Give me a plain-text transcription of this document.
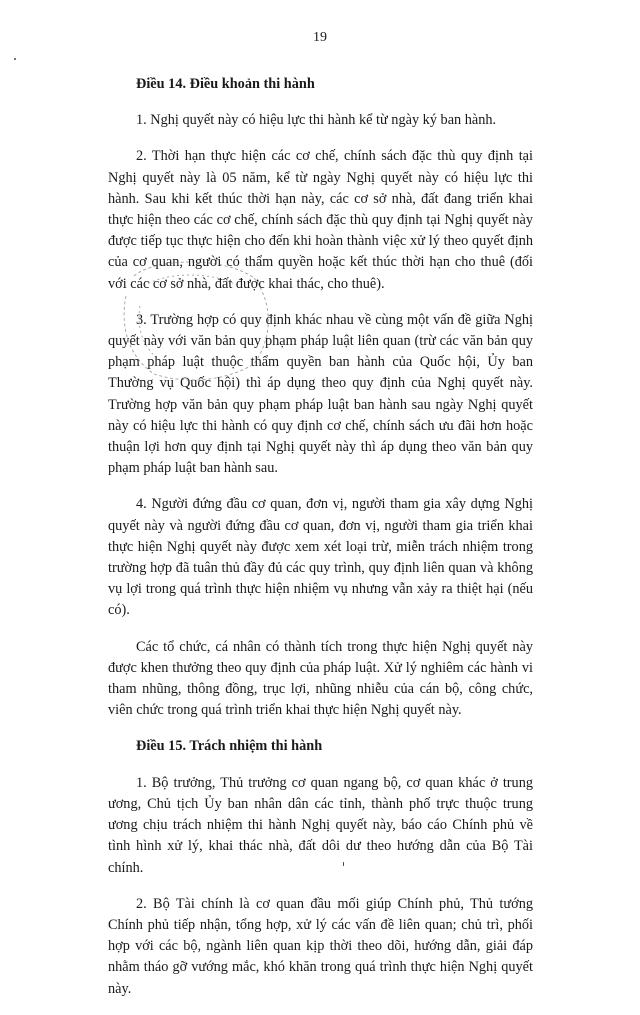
19

Điều 14. Điều khoản thi hành

1. Nghị quyết này có hiệu lực thi hành kể từ ngày ký ban hành.

2. Thời hạn thực hiện các cơ chế, chính sách đặc thù quy định tại Nghị quyết này là 05 năm, kể từ ngày Nghị quyết này có hiệu lực thi hành. Sau khi kết thúc thời hạn này, các cơ sở nhà, đất đang triển khai thực hiện theo các cơ chế, chính sách đặc thù quy định tại Nghị quyết này được tiếp tục thực hiện cho đến khi hoàn thành việc xử lý theo quyết định của cơ quan, người có thẩm quyền hoặc kết thúc thời hạn cho thuê (đối với các cơ sở nhà, đất được khai thác, cho thuê).

3. Trường hợp có quy định khác nhau về cùng một vấn đề giữa Nghị quyết này với văn bản quy phạm pháp luật liên quan (trừ các văn bản quy phạm pháp luật thuộc thẩm quyền ban hành của Quốc hội, Ủy ban Thường vụ Quốc hội) thì áp dụng theo quy định của Nghị quyết này. Trường hợp văn bản quy phạm pháp luật ban hành sau ngày Nghị quyết này có hiệu lực thi hành có quy định cơ chế, chính sách ưu đãi hơn hoặc thuận lợi hơn quy định tại Nghị quyết này thì áp dụng theo văn bản quy phạm pháp luật ban hành sau.

4. Người đứng đầu cơ quan, đơn vị, người tham gia xây dựng Nghị quyết này và người đứng đầu cơ quan, đơn vị, người tham gia triển khai thực hiện Nghị quyết này được xem xét loại trừ, miễn trách nhiệm trong trường hợp đã tuân thủ đầy đủ các quy trình, quy định liên quan và không vụ lợi trong quá trình thực hiện nhiệm vụ nhưng vẫn xảy ra thiệt hại (nếu có).

Các tổ chức, cá nhân có thành tích trong thực hiện Nghị quyết này được khen thưởng theo quy định của pháp luật. Xử lý nghiêm các hành vi tham nhũng, thông đồng, trục lợi, nhũng nhiễu của cán bộ, công chức, viên chức trong quá trình triển khai thực hiện Nghị quyết này.

Điều 15. Trách nhiệm thi hành

1. Bộ trưởng, Thủ trưởng cơ quan ngang bộ, cơ quan khác ở trung ương, Chủ tịch Ủy ban nhân dân các tỉnh, thành phố trực thuộc trung ương chịu trách nhiệm thi hành Nghị quyết này, báo cáo Chính phủ về tình hình xử lý, khai thác nhà, đất dôi dư theo hướng dẫn của Bộ Tài chính.

2. Bộ Tài chính là cơ quan đầu mối giúp Chính phủ, Thủ tướng Chính phủ tiếp nhận, tổng hợp, xử lý các vấn đề liên quan; chủ trì, phối hợp với các bộ, ngành liên quan kịp thời theo dõi, hướng dẫn, giải đáp nhằm tháo gỡ vướng mắc, khó khăn trong quá trình thực hiện Nghị quyết này.
